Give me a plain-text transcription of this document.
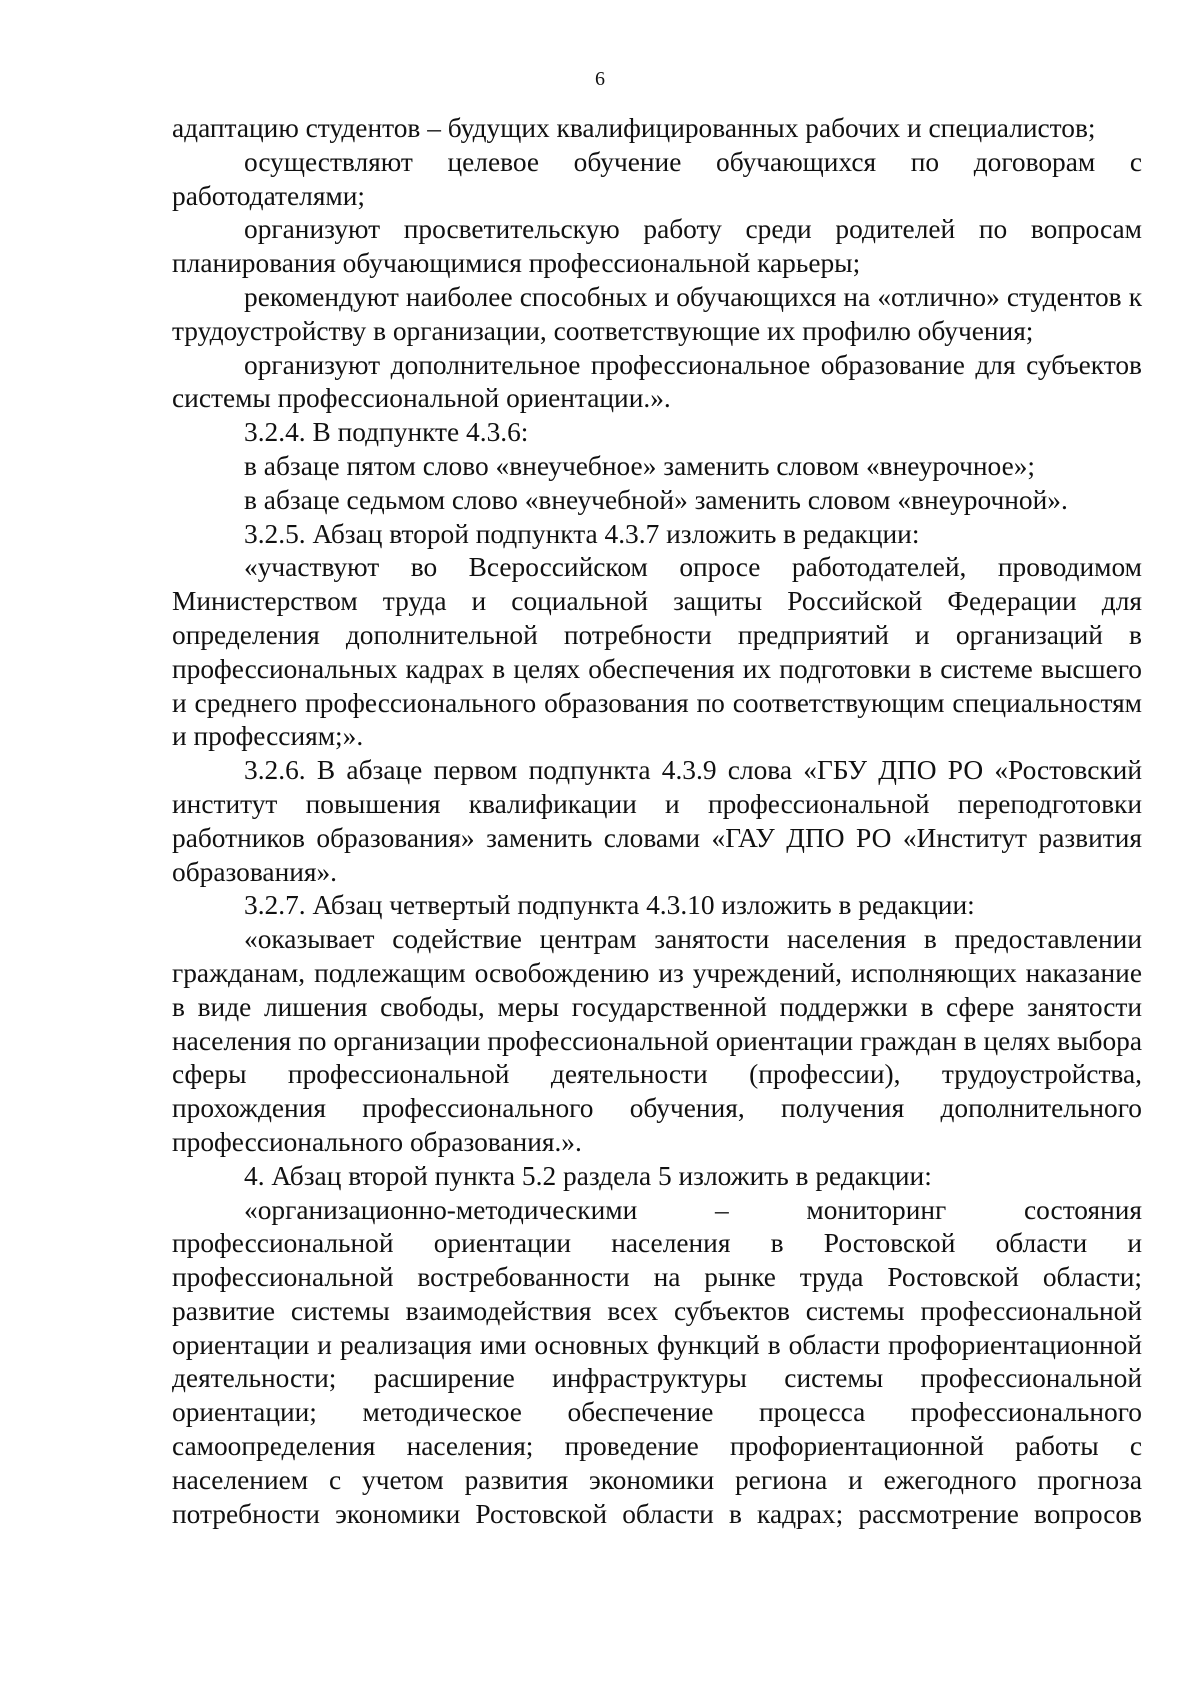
6

адаптацию студентов – будущих квалифицированных рабочих и специалистов;

осуществляют целевое обучение обучающихся по договорам с работодателями;

организуют просветительскую работу среди родителей по вопросам планирования обучающимися профессиональной карьеры;

рекомендуют наиболее способных и обучающихся на «отлично» студентов к трудоустройству в организации, соответствующие их профилю обучения;

организуют дополнительное профессиональное образование для субъектов системы профессиональной ориентации.».

3.2.4. В подпункте 4.3.6:

в абзаце пятом слово «внеучебное» заменить словом «внеурочное»;

в абзаце седьмом слово «внеучебной» заменить словом «внеурочной».

3.2.5. Абзац второй подпункта 4.3.7 изложить в редакции:

«участвуют во Всероссийском опросе работодателей, проводимом Министерством труда и социальной защиты Российской Федерации для определения дополнительной потребности предприятий и организаций в профессиональных кадрах в целях обеспечения их подготовки в системе высшего и среднего профессионального образования по соответствующим специальностям и профессиям;».

3.2.6. В абзаце первом подпункта 4.3.9 слова «ГБУ ДПО РО «Ростовский институт повышения квалификации и профессиональной переподготовки работников образования» заменить словами «ГАУ ДПО РО «Институт развития образования».

3.2.7. Абзац четвертый подпункта 4.3.10 изложить в редакции:

«оказывает содействие центрам занятости населения в предоставлении гражданам, подлежащим освобождению из учреждений, исполняющих наказание в виде лишения свободы, меры государственной поддержки в сфере занятости населения по организации профессиональной ориентации граждан в целях выбора сферы профессиональной деятельности (профессии), трудоустройства, прохождения профессионального обучения, получения дополнительного профессионального образования.».

4. Абзац второй пункта 5.2 раздела 5 изложить в редакции:

«организационно-методическими – мониторинг состояния профессиональной ориентации населения в Ростовской области и профессиональной востребованности на рынке труда Ростовской области; развитие системы взаимодействия всех субъектов системы профессиональной ориентации и реализация ими основных функций в области профориентационной деятельности; расширение инфраструктуры системы профессиональной ориентации; методическое обеспечение процесса профессионального самоопределения населения; проведение профориентационной работы с населением с учетом развития экономики региона и ежегодного прогноза потребности экономики Ростовской области в кадрах; рассмотрение вопросов
